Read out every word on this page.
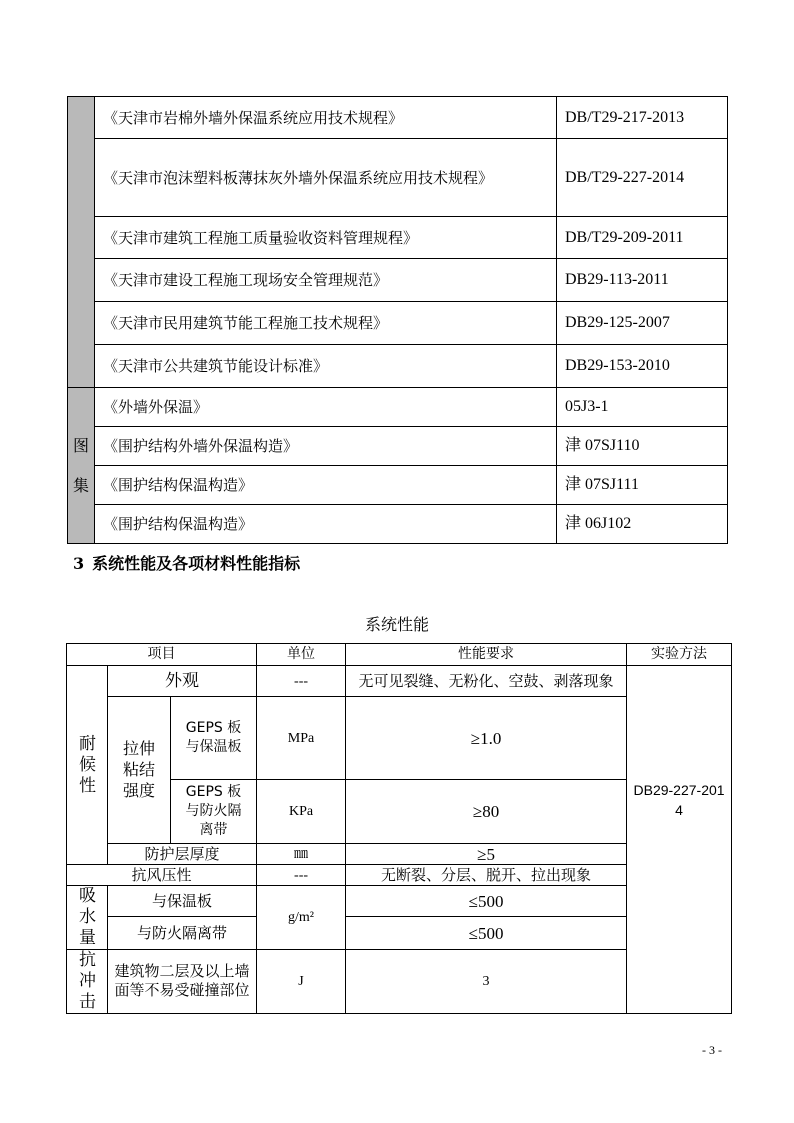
	《天津市岩棉外墙外保温系统应用技术规程》	DB/T29-217-2013
	《天津市泡沫塑料板薄抹灰外墙外保温系统应用技术规程》	DB/T29-227-2014
	《天津市建筑工程施工质量验收资料管理规程》	DB/T29-209-2011
	《天津市建设工程施工现场安全管理规范》	DB29-113-2011
	《天津市民用建筑节能工程施工技术规程》	DB29-125-2007
	《天津市公共建筑节能设计标准》	DB29-153-2010
图集	《外墙外保温》	05J3-1
	《围护结构外墙外保温构造》	津 07SJ110
	《围护结构保温构造》	津 07SJ111
	《围护结构保温构造》	津 06J102
3 系统性能及各项材料性能指标
系统性能
项目			单位	性能要求	实验方法
耐候性	外观		---	无可见裂缝、无粉化、空鼓、剥落现象	DB29-227-2014
	拉伸粘结强度	GEPS 板与保温板	MPa	≥1.0	
		GEPS 板与防火隔离带	KPa	≥80	
	防护层厚度		㎜	≥5	
抗风压性			---	无断裂、分层、脱开、拉出现象	
吸水量	与保温板		g/m²	≤500	
	与防火隔离带			≤500	
抗冲击	建筑物二层及以上墙面等不易受碰撞部位		J	3	
- 3 -
